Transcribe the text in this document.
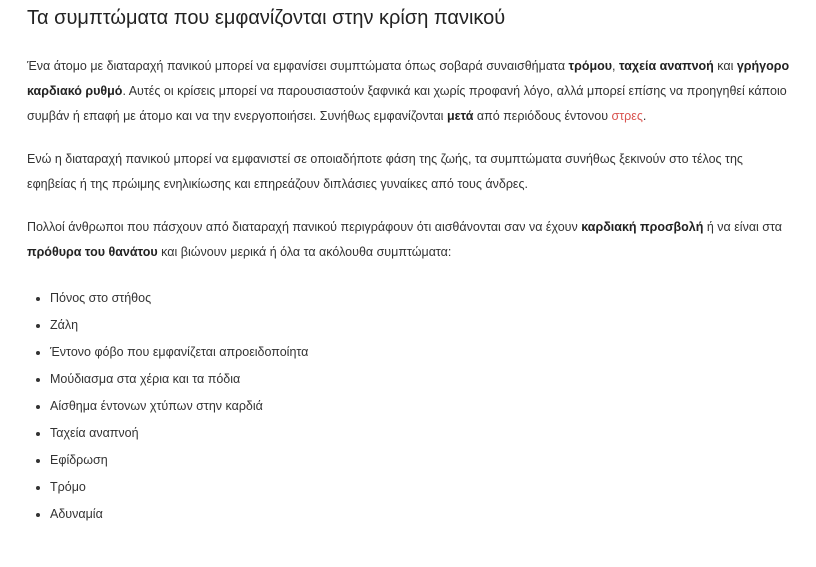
Τα συμπτώματα που εμφανίζονται στην κρίση πανικού

Ένα άτομο με διαταραχή πανικού μπορεί να εμφανίσει συμπτώματα όπως σοβαρά συναισθήματα τρόμου, ταχεία αναπνοή και γρήγορο καρδιακό ρυθμό. Αυτές οι κρίσεις μπορεί να παρουσιαστούν ξαφνικά και χωρίς προφανή λόγο, αλλά μπορεί επίσης να προηγηθεί κάποιο συμβάν ή επαφή με άτομο και να την ενεργοποιήσει. Συνήθως εμφανίζονται μετά από περιόδους έντονου στρες.

Ενώ η διαταραχή πανικού μπορεί να εμφανιστεί σε οποιαδήποτε φάση της ζωής, τα συμπτώματα συνήθως ξεκινούν στο τέλος της εφηβείας ή της πρώιμης ενηλικίωσης και επηρεάζουν διπλάσιες γυναίκες από τους άνδρες.

Πολλοί άνθρωποι που πάσχουν από διαταραχή πανικού περιγράφουν ότι αισθάνονται σαν να έχουν καρδιακή προσβολή ή να είναι στα πρόθυρα του θανάτου και βιώνουν μερικά ή όλα τα ακόλουθα συμπτώματα:

• Πόνος στο στήθος
• Ζάλη
• Έντονο φόβο που εμφανίζεται απροειδοποίητα
• Μούδιασμα στα χέρια και τα πόδια
• Αίσθημα έντονων χτύπων στην καρδιά
• Ταχεία αναπνοή
• Εφίδρωση
• Τρόμο
• Αδυναμία
